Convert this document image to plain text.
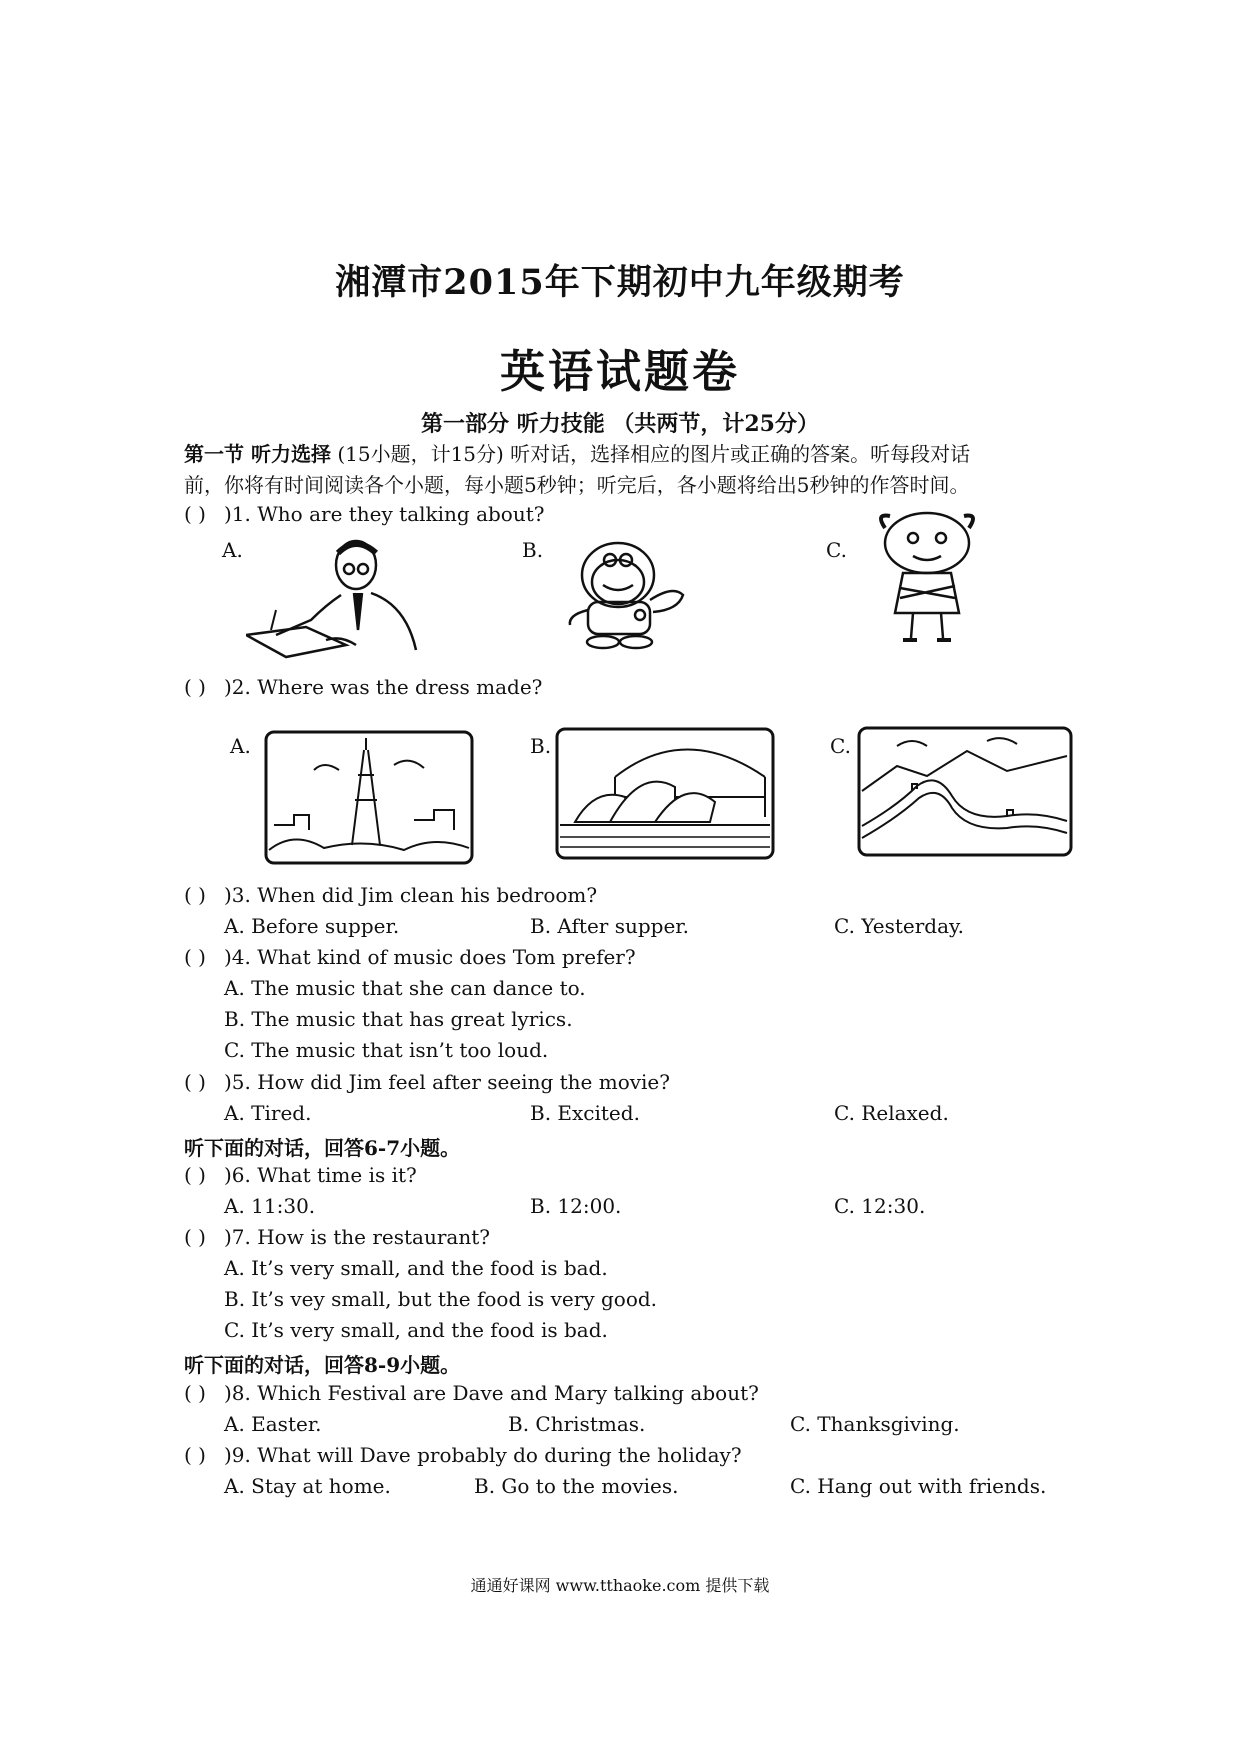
湘潭市2015年下期初中九年级期考
英语试题卷
第一部分 听力技能 （共两节，计25分）
第一节 听力选择 (15小题，计15分) 听对话，选择相应的图片或正确的答案。听每段对话
前，你将有时间阅读各个小题，每小题5秒钟；听完后，各小题将给出5秒钟的作答时间。
( ) )1. Who are they talking about?
A.	B.	C.
( ) )2. Where was the dress made?
A.	B.	C.
( ) )3. When did Jim clean his bedroom?
A. Before supper.	B. After supper.	C. Yesterday.
( ) )4. What kind of music does Tom prefer?
A. The music that she can dance to.
B. The music that has great lyrics.
C. The music that isn’t too loud.
( ) )5. How did Jim feel after seeing the movie?
A. Tired.	B. Excited.	C. Relaxed.
听下面的对话，回答6-7小题。
( ) )6. What time is it?
A. 11:30.	B. 12:00.	C. 12:30.
( ) )7. How is the restaurant?
A. It’s very small, and the food is bad.
B. It’s vey small, but the food is very good.
C. It’s very small, and the food is bad.
听下面的对话，回答8-9小题。
( ) )8. Which Festival are Dave and Mary talking about?
A. Easter.	B. Christmas.	C. Thanksgiving.
( ) )9. What will Dave probably do during the holiday?
A. Stay at home.	B. Go to the movies.	C. Hang out with friends.
通通好课网 www.tthaoke.com 提供下载
